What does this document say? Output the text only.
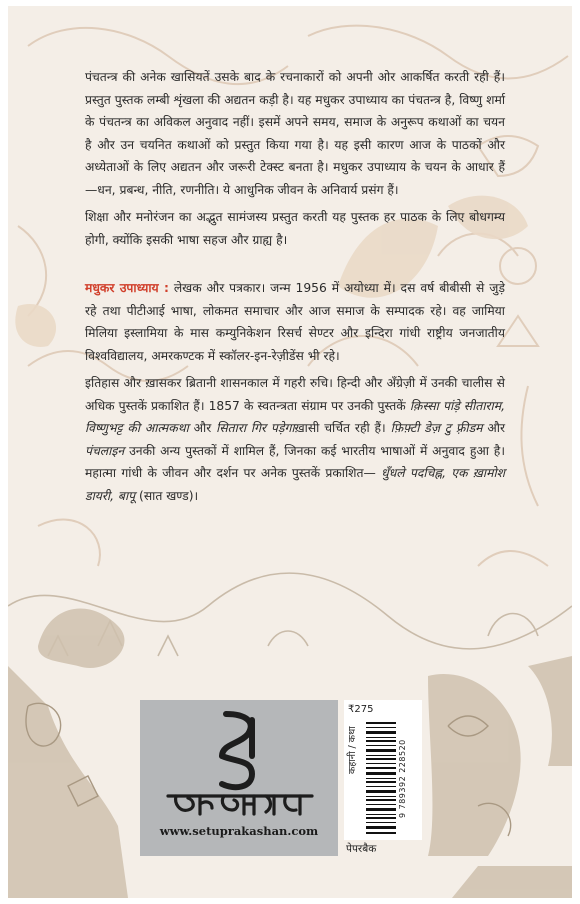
पंचतन्त्र की अनेक खासियतें उसके बाद के रचनाकारों को अपनी ओर आकर्षित करती रही हैं। प्रस्तुत पुस्तक लम्बी शृंखला की अद्यतन कड़ी है। यह मधुकर उपाध्याय का पंचतन्त्र है, विष्णु शर्मा के पंचतन्त्र का अविकल अनुवाद नहीं। इसमें अपने समय, समाज के अनुरूप कथाओं का चयन है और उन चयनित कथाओं को प्रस्तुत किया गया है। यह इसी कारण आज के पाठकों और अध्येताओं के लिए अद्यतन और जरूरी टेक्स्ट बनता है। मधुकर उपाध्याय के चयन के आधार हैं—धन, प्रबन्ध, नीति, रणनीति। ये आधुनिक जीवन के अनिवार्य प्रसंग हैं।

शिक्षा और मनोरंजन का अद्भुत सामंजस्य प्रस्तुत करती यह पुस्तक हर पाठक के लिए बोधगम्य होगी, क्योंकि इसकी भाषा सहज और ग्राह्य है।

मधुकर उपाध्याय : लेखक और पत्रकार। जन्म 1956 में अयोध्या में। दस वर्ष बीबीसी से जुड़े रहे तथा पीटीआई भाषा, लोकमत समाचार और आज समाज के सम्पादक रहे। वह जामिया मिलिया इस्लामिया के मास कम्युनिकेशन रिसर्च सेण्टर और इन्दिरा गांधी राष्ट्रीय जनजातीय विश्वविद्यालय, अमरकण्टक में स्कॉलर-इन-रेज़ीडेंस भी रहे।

इतिहास और ख़ासकर ब्रितानी शासनकाल में गहरी रुचि। हिन्दी और अँग्रेज़ी में उनकी चालीस से अधिक पुस्तकें प्रकाशित हैं। 1857 के स्वतन्त्रता संग्राम पर उनकी पुस्तकें क़िस्सा पांड़े सीताराम, विष्णुभट्ट की आत्मकथा और सितारा गिर पड़ेगाख़ासी चर्चित रही हैं। फ़िफ़्टी डेज़ टु फ़्रीडम और पंचलाइन उनकी अन्य पुस्तकों में शामिल हैं, जिनका कई भारतीय भाषाओं में अनुवाद हुआ है। महात्मा गांधी के जीवन और दर्शन पर अनेक पुस्तकें प्रकाशित— धुँधले पदचिह्न, एक ख़ामोश डायरी, बापू (सात खण्ड)।

www.setuprakashan.com
₹275
कहानी / कथा	9 789392 228520
पेपरबैक
